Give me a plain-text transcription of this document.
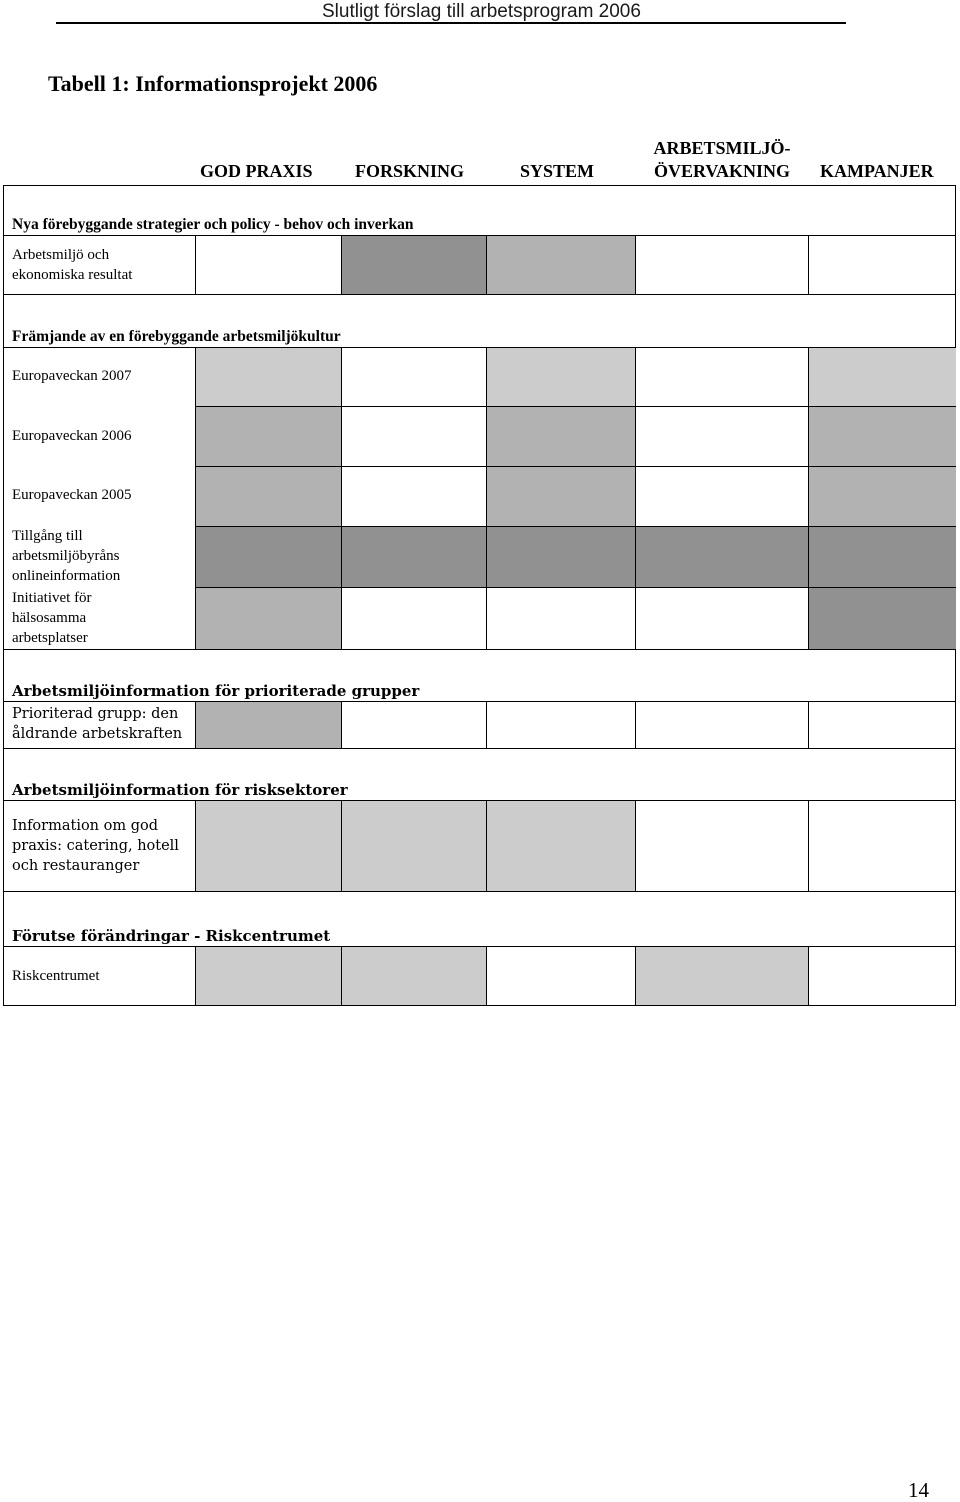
Slutligt förslag till arbetsprogram 2006
Tabell 1: Informationsprojekt 2006
GOD PRAXIS FORSKNING	SYSTEM
ARBETSMILJÖ-
ÖVERVAKNING	KAMPANJER
Nya förebyggande strategier och policy - behov och inverkan
Främjande av en förebyggande arbetsmiljökultur
Arbetsmiljöinformation för prioriterade grupper
Arbetsmiljöinformation för risksektorer
Förutse förändringar - Riskcentrumet
Arbetsmiljö och ekonomiska resultat
Europaveckan 2007
Europaveckan 2006
Europaveckan 2005
Tillgång till arbetsmiljöbyråns onlineinformation
Initiativet för hälsosamma arbetsplatser
Prioriterad grupp: den åldrande arbetskraften
Information om god praxis: catering, hotell och restauranger
Riskcentrumet
14
